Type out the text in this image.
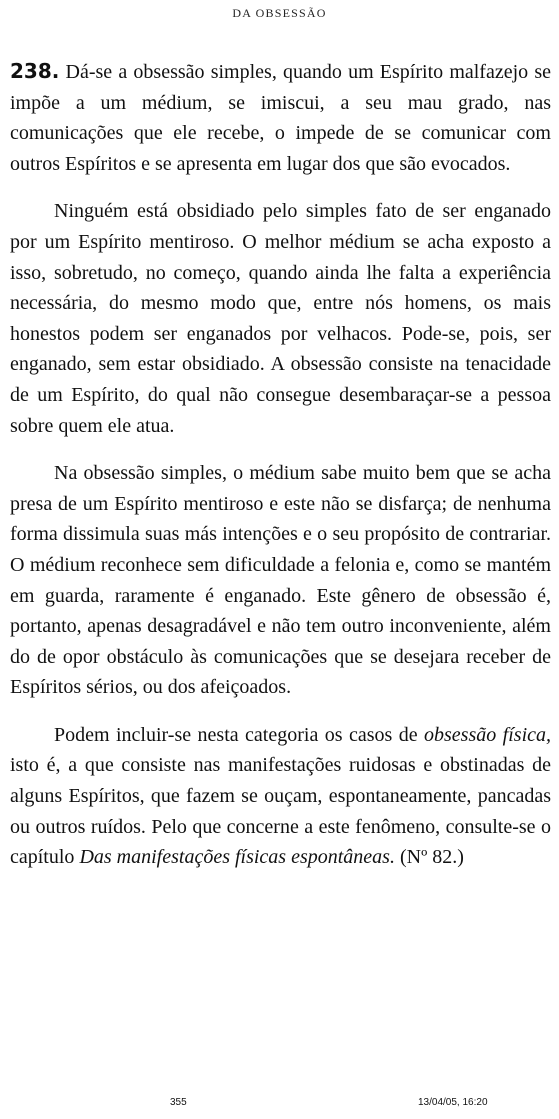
DA OBSESSÃO

238. Dá-se a obsessão simples, quando um Espírito malfazejo se impõe a um médium, se imiscui, a seu mau grado, nas comunicações que ele recebe, o impede de se comunicar com outros Espíritos e se apresenta em lugar dos que são evocados.

Ninguém está obsidiado pelo simples fato de ser enganado por um Espírito mentiroso. O melhor médium se acha exposto a isso, sobretudo, no começo, quando ainda lhe falta a experiência necessária, do mesmo modo que, entre nós homens, os mais honestos podem ser enganados por velhacos. Pode-se, pois, ser enganado, sem estar obsidiado. A obsessão consiste na tenacidade de um Espírito, do qual não consegue desembaraçar-se a pessoa sobre quem ele atua.

Na obsessão simples, o médium sabe muito bem que se acha presa de um Espírito mentiroso e este não se disfarça; de nenhuma forma dissimula suas más intenções e o seu propósito de contrariar. O médium reconhece sem dificuldade a felonia e, como se mantém em guarda, raramente é enganado. Este gênero de obsessão é, portanto, apenas desagradável e não tem outro inconveniente, além do de opor obstáculo às comunicações que se desejara receber de Espíritos sérios, ou dos afeiçoados.

Podem incluir-se nesta categoria os casos de obsessão física, isto é, a que consiste nas manifestações ruidosas e obstinadas de alguns Espíritos, que fazem se ouçam, espontaneamente, pancadas ou outros ruídos. Pelo que concerne a este fenômeno, consulte-se o capítulo Das manifestações físicas espontâneas. (Nº 82.)

355	13/04/05, 16:20
